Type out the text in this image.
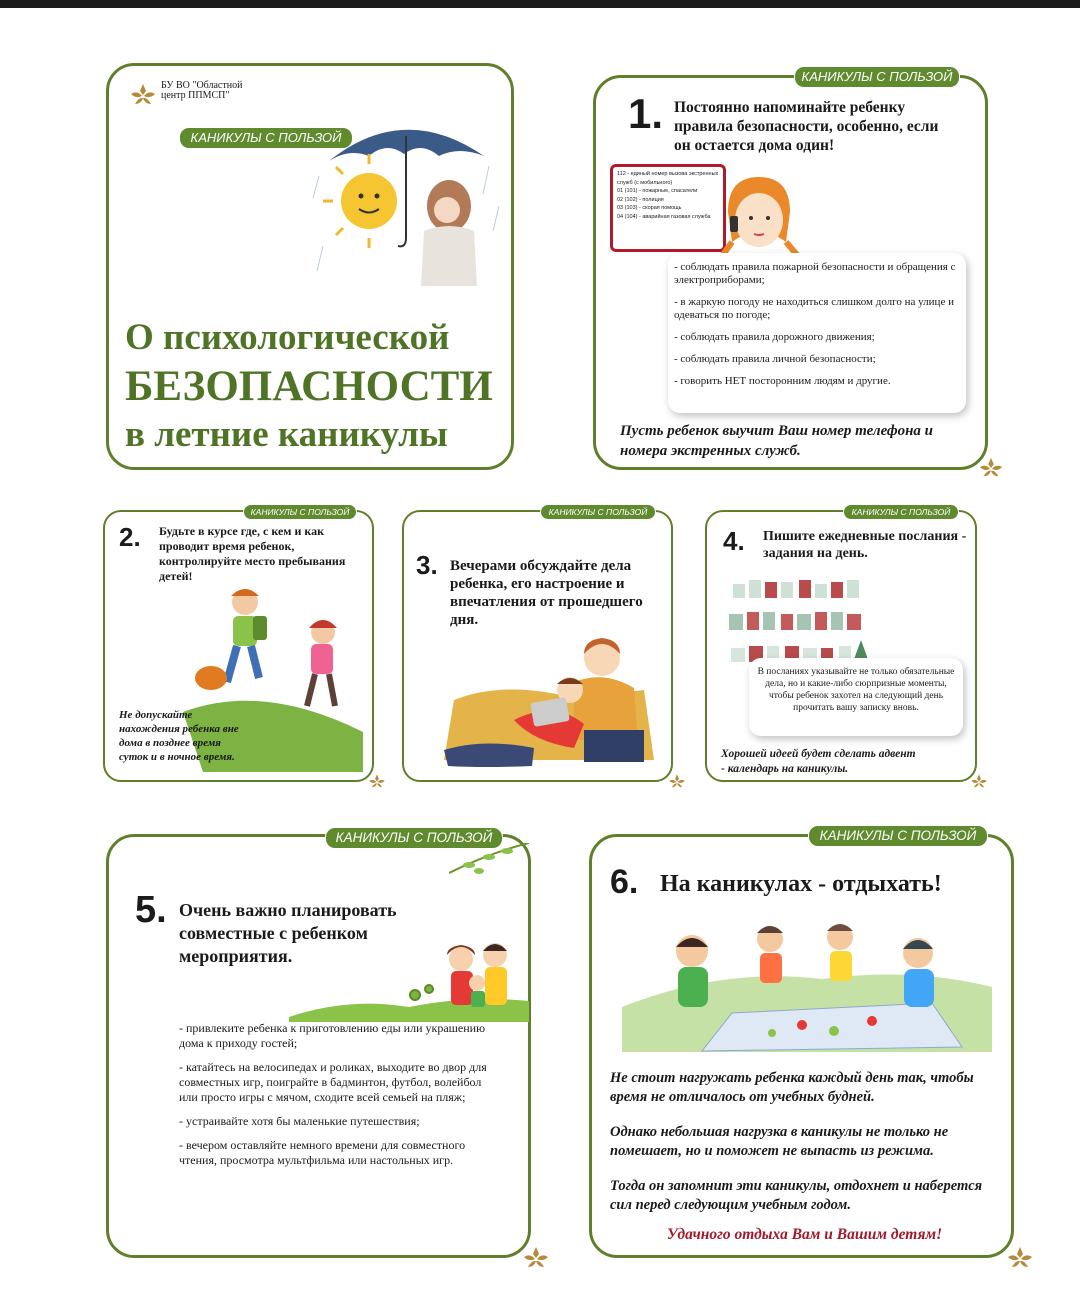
БУ ВО "Областной
центр ППМСП"
КАНИКУЛЫ С ПОЛЬЗОЙ
О психологической
БЕЗОПАСНОСТИ
в летние каникулы
КАНИКУЛЫ С ПОЛЬЗОЙ
1. Постоянно напоминайте ребенку правила безопасности, особенно, если он остается дома один!
112 - единый номер вызова экстренных служб (с мобильного)
01 (101) - пожарные, спасатели
02 (102) - полиция
03 (103) - скорая помощь
04 (104) - аварийная газовая служба
- соблюдать правила пожарной безопасности и обращения с электроприборами;
- в жаркую погоду не находиться слишком долго на улице и одеваться по погоде;
- соблюдать правила дорожного движения;
- соблюдать правила личной безопасности;
- говорить НЕТ посторонним людям и другие.
Пусть ребенок выучит Ваш номер телефона и номера экстренных служб.
КАНИКУЛЫ С ПОЛЬЗОЙ
2. Будьте в курсе где, с кем и как проводит время ребенок, контролируйте место пребывания детей!
Не допускайте нахождения ребенка вне дома в позднее время суток и в ночное время.
КАНИКУЛЫ С ПОЛЬЗОЙ
3. Вечерами обсуждайте дела ребенка, его настроение и впечатления от прошедшего дня.
КАНИКУЛЫ С ПОЛЬЗОЙ
4. Пишите ежедневные послания - задания на день.
В посланиях указывайте не только обязательные дела, но и какие-либо сюрпризные моменты, чтобы ребенок захотел на следующий день прочитать вашу записку вновь.
Хорошей идеей будет сделать адвент - календарь на каникулы.
КАНИКУЛЫ С ПОЛЬЗОЙ
5. Очень важно планировать совместные с ребенком мероприятия.
- привлеките ребенка к приготовлению еды или украшению дома к приходу гостей;
- катайтесь на велосипедах и роликах, выходите во двор для совместных игр, поиграйте в бадминтон, футбол, волейбол или просто игры с мячом, сходите всей семьей на пляж;
- устраивайте хотя бы маленькие путешествия;
- вечером оставляйте немного времени для совместного чтения, просмотра мультфильма или настольных игр.
КАНИКУЛЫ С ПОЛЬЗОЙ
6. На каникулах - отдыхать!
Не стоит нагружать ребенка каждый день так, чтобы время не отличалось от учебных будней.
Однако небольшая нагрузка в каникулы не только не помешает, но и поможет не выпасть из режима.
Тогда он запомнит эти каникулы, отдохнет и наберется сил перед следующим учебным годом.
Удачного отдыха Вам и Вашим детям!
